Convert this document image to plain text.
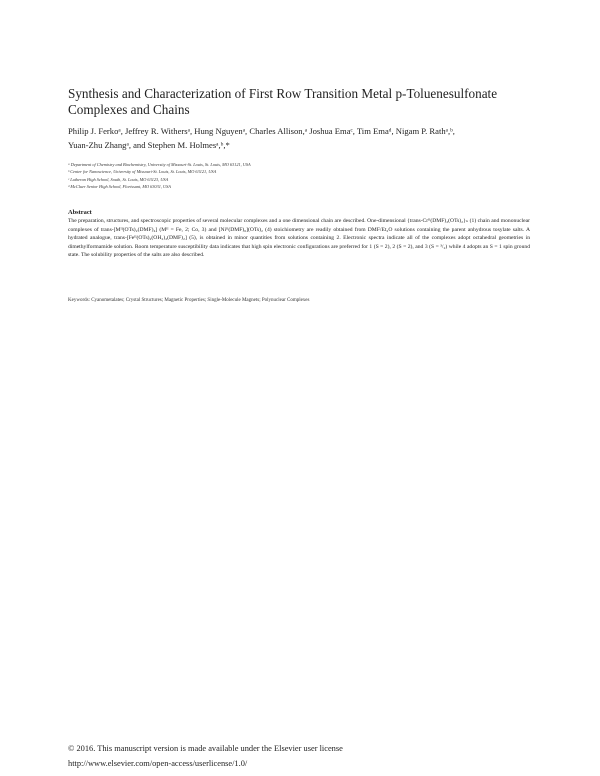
Synthesis and Characterization of First Row Transition Metal p-Toluenesulfonate
Complexes and Chains
Philip J. Ferkoᵃ, Jeffrey R. Withersᵃ, Hung Nguyenᵃ, Charles Allison,ᵃ Joshua Emaᶜ, Tim Emaᵈ, Nigam P. Rathᵃ,ᵇ,
Yuan-Zhu Zhangᵃ, and Stephen M. Holmesᵃ,ᵇ,*
ᵃ Department of Chemistry and Biochemistry, University of Missouri-St. Louis, St. Louis, MO 63121, USA
ᵇ Center for Nanoscience, University of Missouri-St. Louis, St. Louis, MO 63121, USA
ᶜ Lutheran High School, South, St. Louis, MO 63123, USA
ᵈ McCluer Senior High School, Florissant, MO 63031, USA
Abstract
The preparation, structures, and spectroscopic properties of several molecular complexes and a one dimensional chain are described. One-dimensional {trans-Crᴵᴵ(DMF)₂(OTs)₂}ₙ (1) chain and mononuclear complexes of trans-[Mᴵᴵ(OTs)₂(DMF)₄] (Mᴵᴵ = Fe, 2; Co, 3) and [Niᴵᴵ(DMF)₆](OTs)₂ (4) stoichiometry are readily obtained from DMF/Et₂O solutions containing the parent anhydrous tosylate salts. A hydrated analogue, trans-[Feᴵᴵ(OTs)₂(OH₂)₂(DMF)₂] (5), is obtained in minor quantities from solutions containing 2. Electronic spectra indicate all of the complexes adopt octahedral geometries in dimethylformamide solution. Room temperature susceptibility data indicates that high spin electronic configurations are preferred for 1 (S = 2), 2 (S = 2), and 3 (S = ³/₂) while 4 adopts an S = 1 spin ground state. The solubility properties of the salts are also described.
Keywords: Cyanometalates; Crystal Structures; Magnetic Properties; Single-Molecule Magnets; Polynuclear Complexes
© 2016. This manuscript version is made available under the Elsevier user license
http://www.elsevier.com/open-access/userlicense/1.0/
